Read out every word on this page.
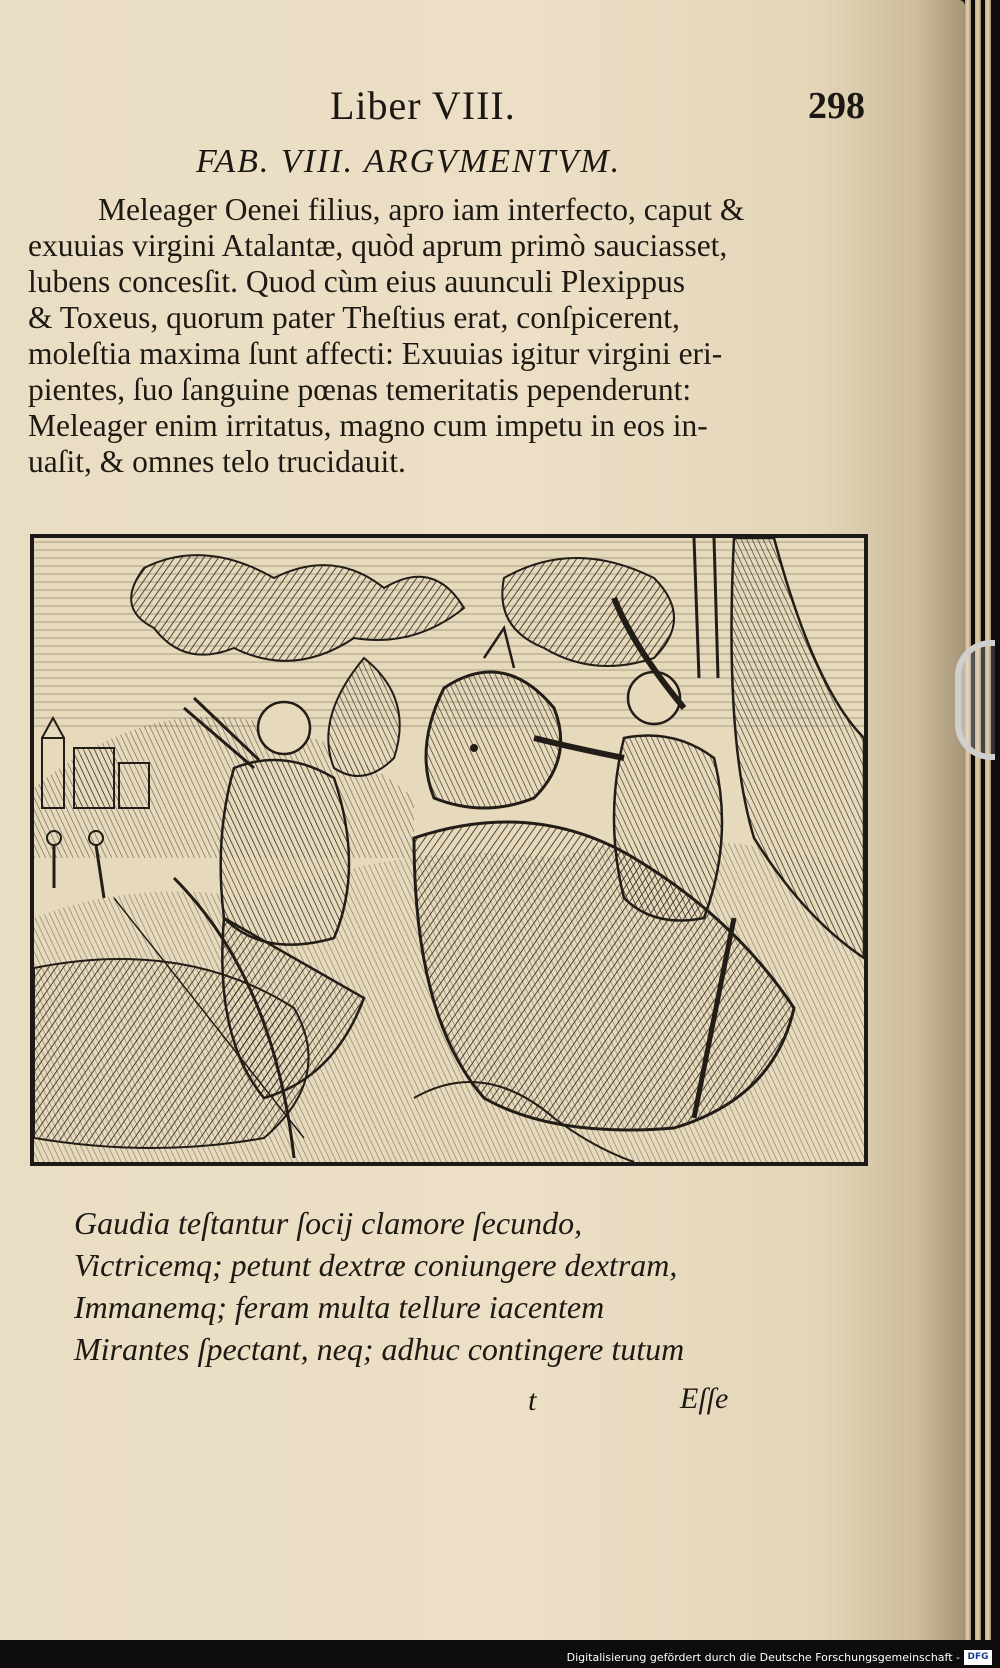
Liber VIII.	298
FAB. VIII. ARGVMENTVM.
Meleager Oenei filius, apro iam interfecto, caput &
exuuias virgini Atalantæ, quòd aprum primò sauciasset,
lubens concesſit. Quod cùm eius auunculi Plexippus
& Toxeus, quorum pater Theſtius erat, conſpicerent,
moleſtia maxima ſunt affecti: Exuuias igitur virgini eri-
pientes, ſuo ſanguine pœnas temeritatis pependerunt:
Meleager enim irritatus, magno cum impetu in eos in-
uaſit, & omnes telo trucidauit.
Gaudia teſtantur ſocij clamore ſecundo,
Victricemq; petunt dextræ coniungere dextram,
Immanemq; feram multa tellure iacentem
Mirantes ſpectant, neq; adhuc contingere tutum
t	Eſſe
Digitalisierung gefördert durch die Deutsche Forschungsgemeinschaft - DFG
